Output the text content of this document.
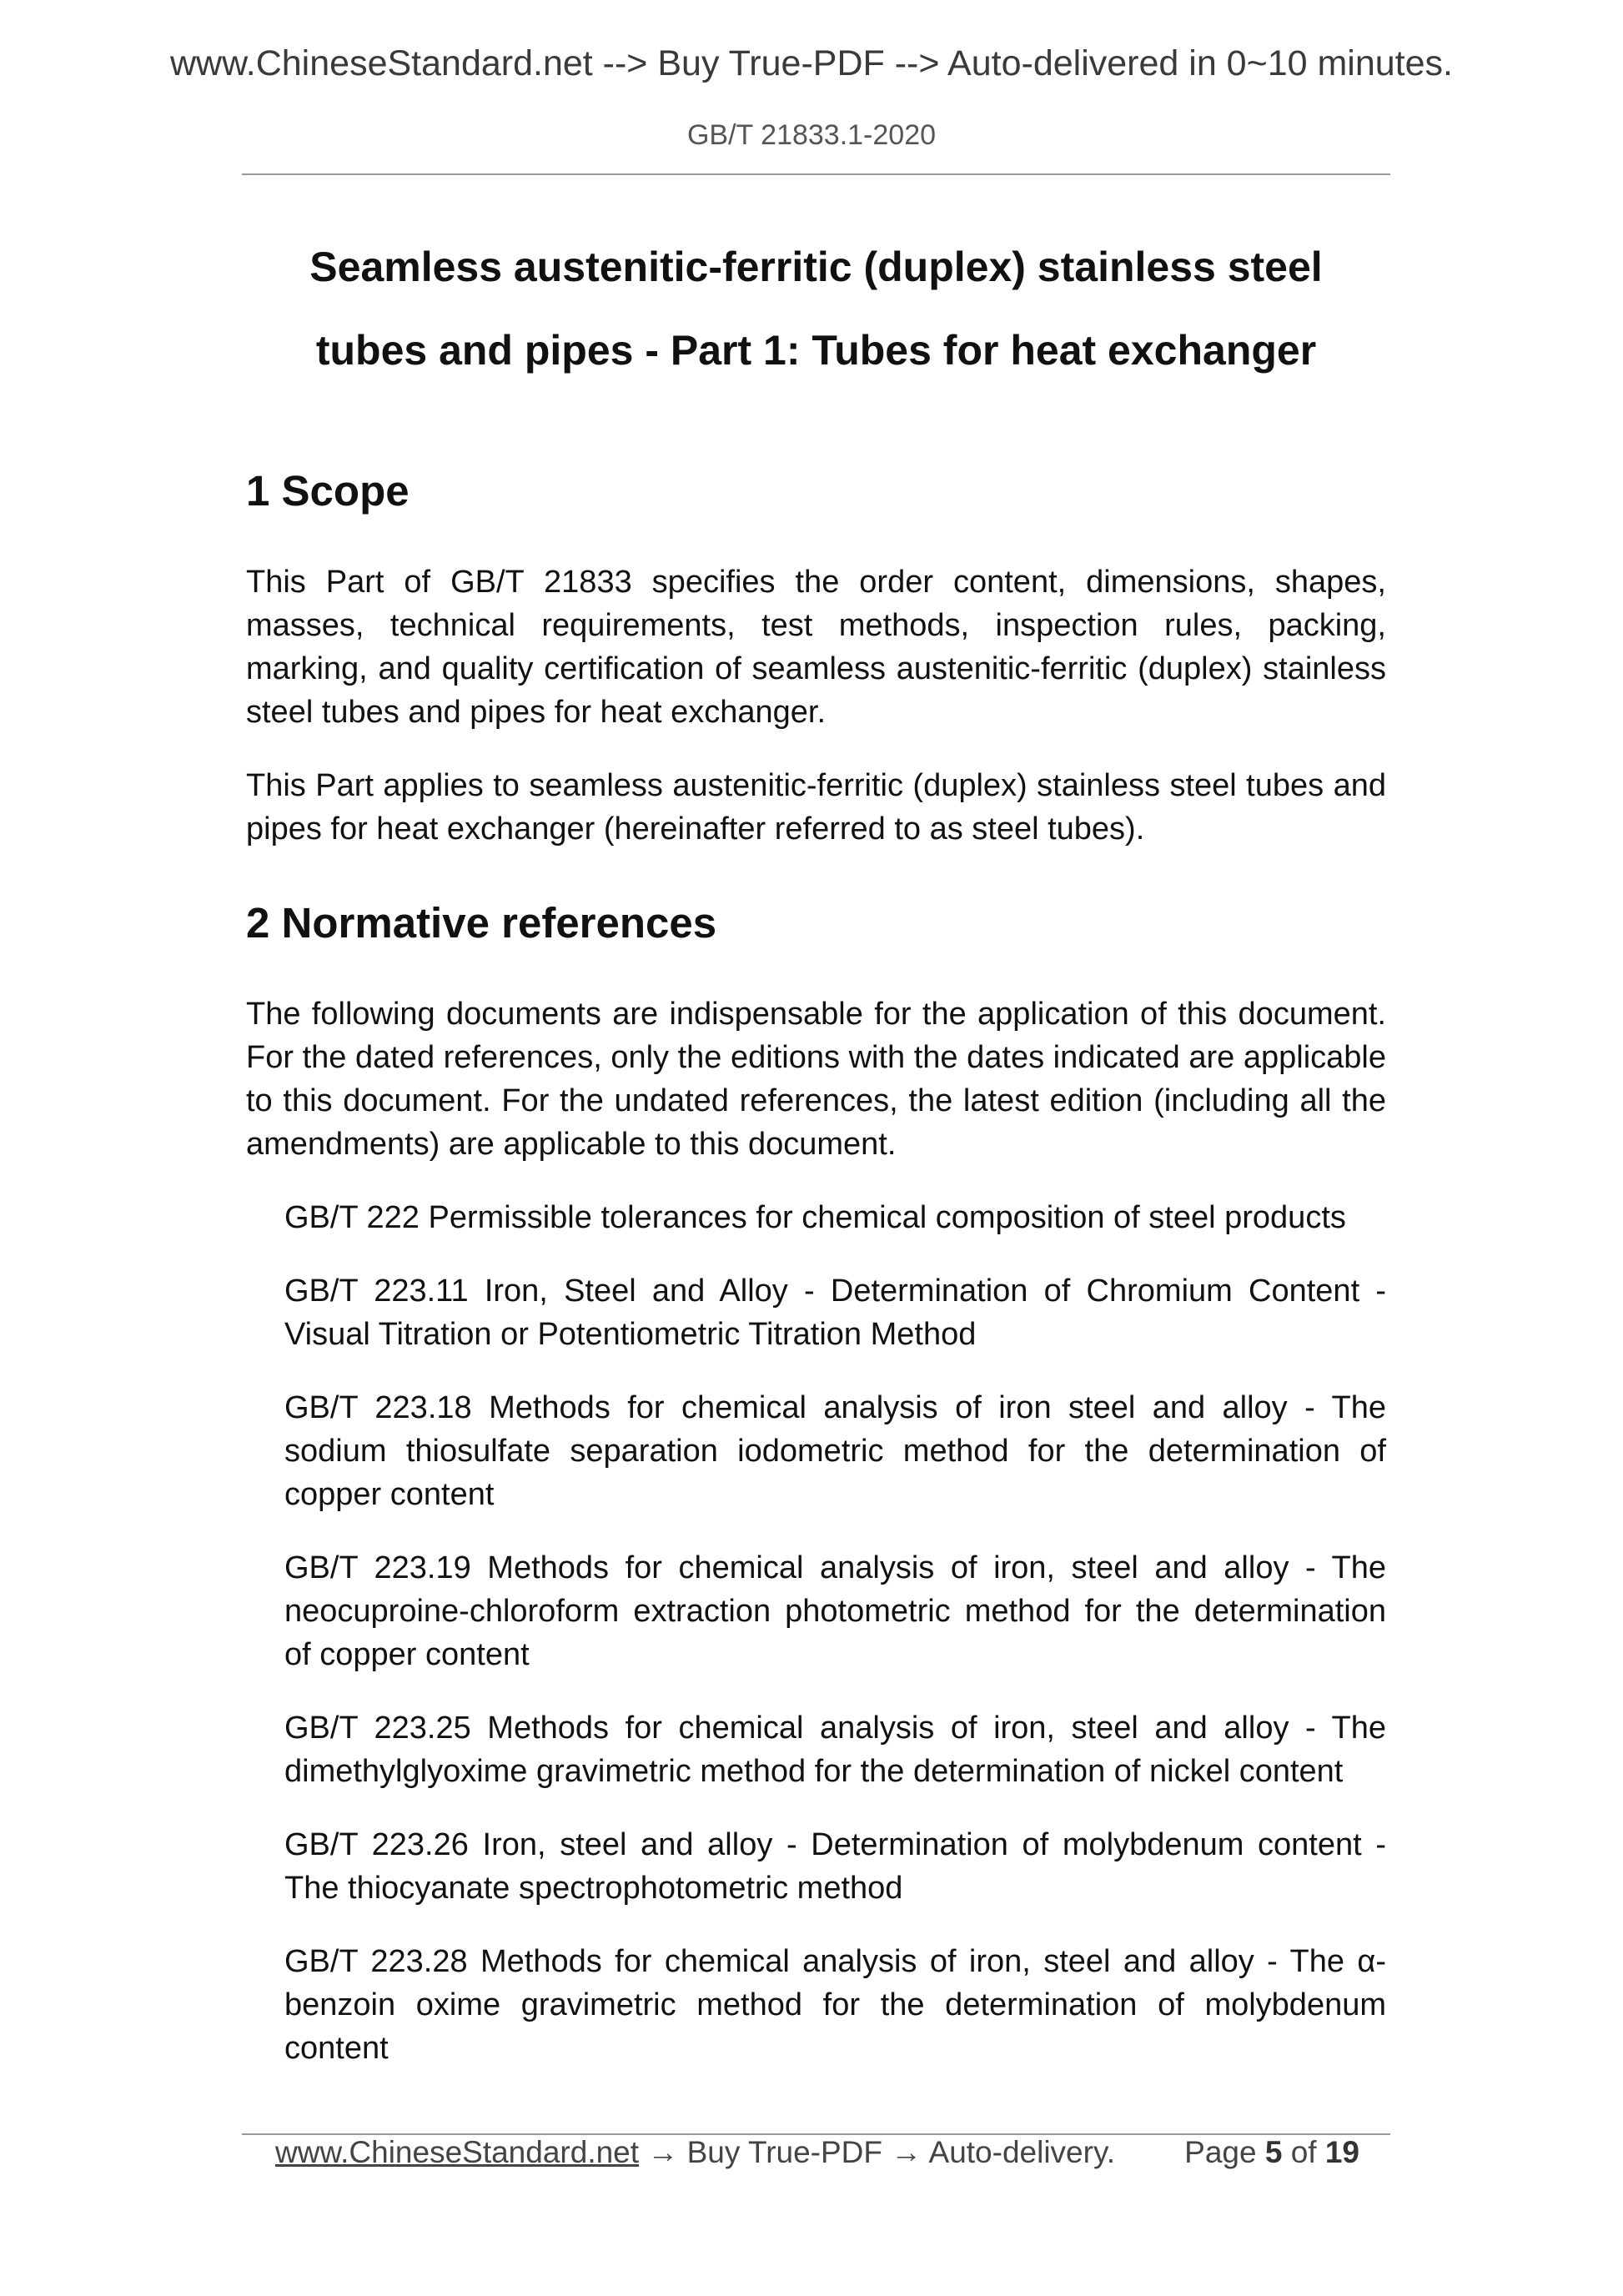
www.ChineseStandard.net --> Buy True-PDF --> Auto-delivered in 0~10 minutes.
GB/T 21833.1-2020

Seamless austenitic-ferritic (duplex) stainless steel

tubes and pipes - Part 1: Tubes for heat exchanger

1 Scope

This Part of GB/T 21833 specifies the order content, dimensions, shapes, masses, technical requirements, test methods, inspection rules, packing, marking, and quality certification of seamless austenitic-ferritic (duplex) stainless steel tubes and pipes for heat exchanger.

This Part applies to seamless austenitic-ferritic (duplex) stainless steel tubes and pipes for heat exchanger (hereinafter referred to as steel tubes).

2 Normative references

The following documents are indispensable for the application of this document. For the dated references, only the editions with the dates indicated are applicable to this document. For the undated references, the latest edition (including all the amendments) are applicable to this document.

GB/T 222 Permissible tolerances for chemical composition of steel products

GB/T 223.11 Iron, Steel and Alloy - Determination of Chromium Content - Visual Titration or Potentiometric Titration Method

GB/T 223.18 Methods for chemical analysis of iron steel and alloy - The sodium thiosulfate separation iodometric method for the determination of copper content

GB/T 223.19 Methods for chemical analysis of iron, steel and alloy - The neocuproine-chloroform extraction photometric method for the determination of copper content

GB/T 223.25 Methods for chemical analysis of iron, steel and alloy - The dimethylglyoxime gravimetric method for the determination of nickel content

GB/T 223.26 Iron, steel and alloy - Determination of molybdenum content - The thiocyanate spectrophotometric method

GB/T 223.28 Methods for chemical analysis of iron, steel and alloy - The α-benzoin oxime gravimetric method for the determination of molybdenum content

www.ChineseStandard.net → Buy True-PDF → Auto-delivery. Page 5 of 19
